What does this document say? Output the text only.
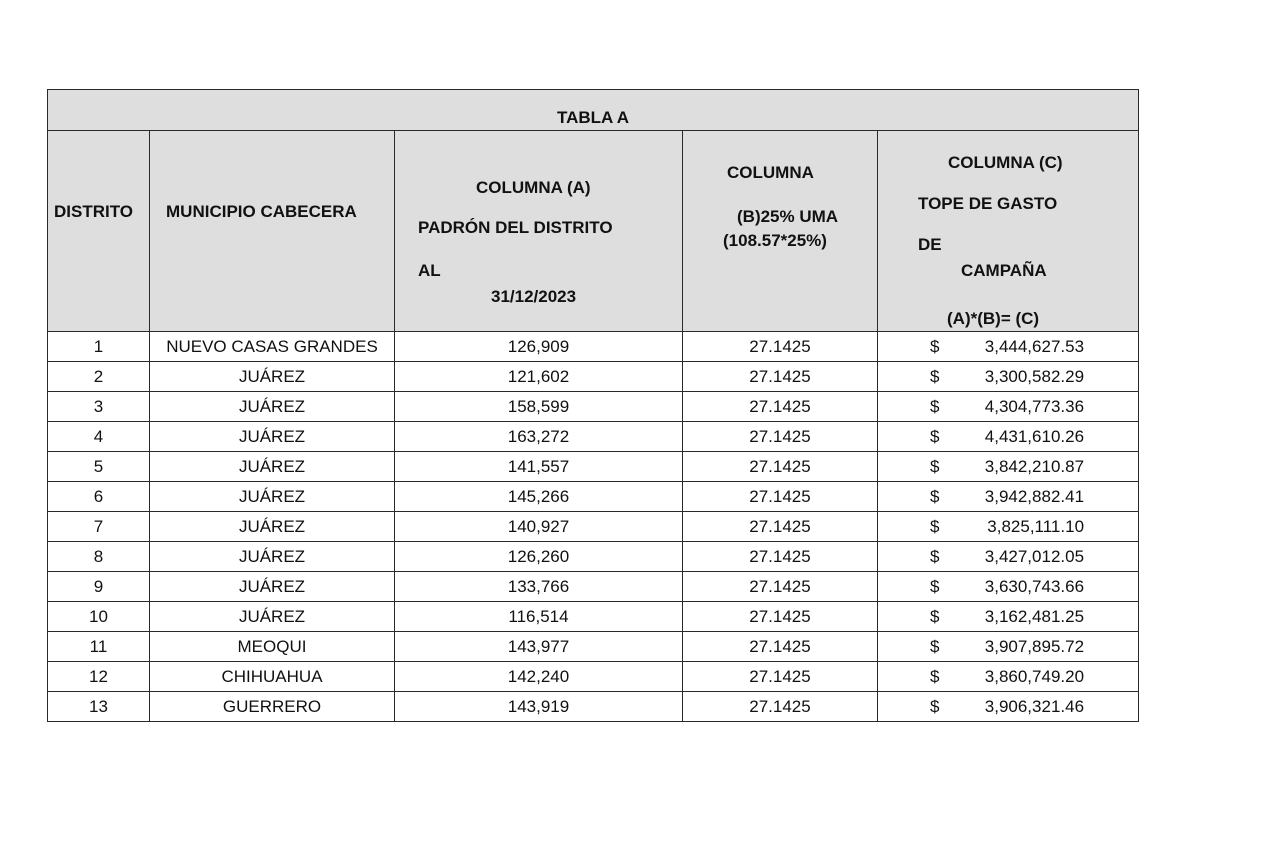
TABLA A				

DISTRITO	MUNICIPIO CABECERA	COLUMNA (A)
PADRÓN DEL DISTRITO
AL
31/12/2023	COLUMNA
(B)25% UMA
(108.57*25%)	COLUMNA (C)
TOPE DE GASTO
DE
CAMPAÑA
(A)*(B)= (C)

1	NUEVO CASAS GRANDES	126,909	27.1425	$ 3,444,627.53

2	JUÁREZ	121,602	27.1425	$ 3,300,582.29

3	JUÁREZ	158,599	27.1425	$ 4,304,773.36

4	JUÁREZ	163,272	27.1425	$ 4,431,610.26

5	JUÁREZ	141,557	27.1425	$ 3,842,210.87

6	JUÁREZ	145,266	27.1425	$ 3,942,882.41

7	JUÁREZ	140,927	27.1425	$ 3,825,111.10

8	JUÁREZ	126,260	27.1425	$ 3,427,012.05

9	JUÁREZ	133,766	27.1425	$ 3,630,743.66

10	JUÁREZ	116,514	27.1425	$ 3,162,481.25

11	MEOQUI	143,977	27.1425	$ 3,907,895.72

12	CHIHUAHUA	142,240	27.1425	$ 3,860,749.20

13	GUERRERO	143,919	27.1425	$ 3,906,321.46
